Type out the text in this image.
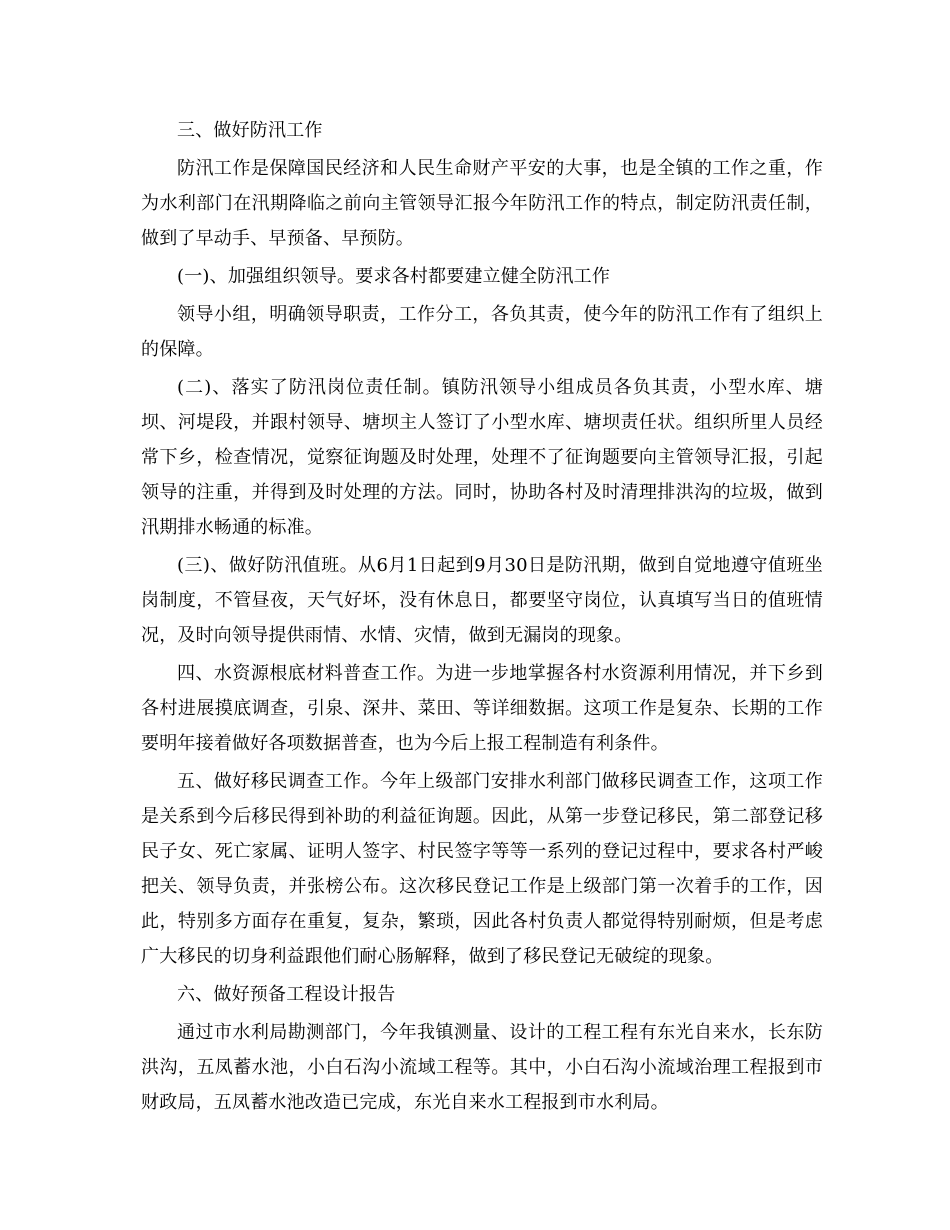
三、做好防汛工作

防汛工作是保障国民经济和人民生命财产平安的大事，也是全镇的工作之重，作为水利部门在汛期降临之前向主管领导汇报今年防汛工作的特点，制定防汛责任制，做到了早动手、早预备、早预防。

(一)、加强组织领导。要求各村都要建立健全防汛工作

领导小组，明确领导职责，工作分工，各负其责，使今年的防汛工作有了组织上的保障。

(二)、落实了防汛岗位责任制。镇防汛领导小组成员各负其责，小型水库、塘坝、河堤段，并跟村领导、塘坝主人签订了小型水库、塘坝责任状。组织所里人员经常下乡，检查情况，觉察征询题及时处理，处理不了征询题要向主管领导汇报，引起领导的注重，并得到及时处理的方法。同时，协助各村及时清理排洪沟的垃圾，做到汛期排水畅通的标准。

(三)、做好防汛值班。从6月1日起到9月30日是防汛期，做到自觉地遵守值班坐岗制度，不管昼夜，天气好坏，没有休息日，都要坚守岗位，认真填写当日的值班情况，及时向领导提供雨情、水情、灾情，做到无漏岗的现象。

四、水资源根底材料普查工作。为进一步地掌握各村水资源利用情况，并下乡到各村进展摸底调查，引泉、深井、菜田、等详细数据。这项工作是复杂、长期的工作要明年接着做好各项数据普查，也为今后上报工程制造有利条件。

五、做好移民调查工作。今年上级部门安排水利部门做移民调查工作，这项工作是关系到今后移民得到补助的利益征询题。因此，从第一步登记移民，第二部登记移民子女、死亡家属、证明人签字、村民签字等等一系列的登记过程中，要求各村严峻把关、领导负责，并张榜公布。这次移民登记工作是上级部门第一次着手的工作，因此，特别多方面存在重复，复杂，繁琐，因此各村负责人都觉得特别耐烦，但是考虑广大移民的切身利益跟他们耐心肠解释，做到了移民登记无破绽的现象。

六、做好预备工程设计报告

通过市水利局勘测部门，今年我镇测量、设计的工程工程有东光自来水，长东防洪沟，五凤蓄水池，小白石沟小流域工程等。其中，小白石沟小流域治理工程报到市财政局，五凤蓄水池改造已完成，东光自来水工程报到市水利局。
